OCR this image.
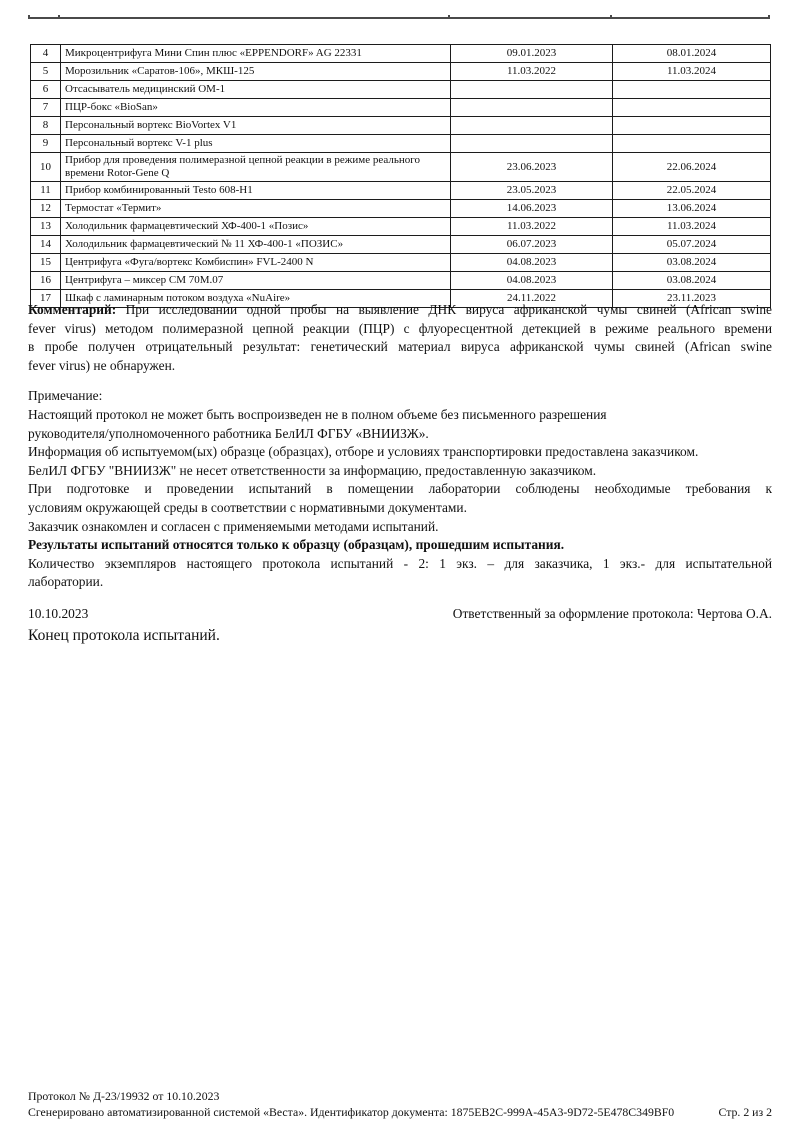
4	Микроцентрифуга Мини Спин плюс «EPPENDORF» AG 22331	09.01.2023	08.01.2024
5	Морозильник «Саратов-106», МКШ-125	11.03.2022	11.03.2024
6	Отсасыватель медицинский ОМ-1		
7	ПЦР-бокс «BioSan»		
8	Персональный вортекс BioVortex V1		
9	Персональный вортекс V-1 plus		
10	Прибор для проведения полимеразной цепной реакции в режиме реального времени Rotor-Gene Q	23.06.2023	22.06.2024
11	Прибор комбинированный Testo 608-H1	23.05.2023	22.05.2024
12	Термостат «Термит»	14.06.2023	13.06.2024
13	Холодильник фармацевтический ХФ-400-1 «Позис»	11.03.2022	11.03.2024
14	Холодильник фармацевтический № 11 ХФ-400-1 «ПОЗИС»	06.07.2023	05.07.2024
15	Центрифуга «Фуга/вортекс Комбиспин» FVL-2400 N	04.08.2023	03.08.2024
16	Центрифуга – миксер СМ 70М.07	04.08.2023	03.08.2024
17	Шкаф с ламинарным потоком воздуха «NuAire»	24.11.2022	23.11.2023
Комментарий: При исследовании одной пробы на выявление ДНК вируса африканской чумы свиней (African swine
fever virus) методом полимеразной цепной реакции (ПЦР) с флуоресцентной детекцией в режиме реального времени
в пробе получен отрицательный результат: генетический материал вируса африканской чумы свиней (African swine
fever virus) не обнаружен.
Примечание:
Настоящий протокол не может быть воспроизведен не в полном объеме без письменного разрешения
руководителя/уполномоченного работника БелИЛ ФГБУ «ВНИИЗЖ».
Информация об испытуемом(ых) образце (образцах), отборе и условиях транспортировки предоставлена заказчиком.
БелИЛ ФГБУ "ВНИИЗЖ" не несет ответственности за информацию, предоставленную заказчиком.
При подготовке и проведении испытаний в помещении лаборатории соблюдены необходимые требования к
условиям окружающей среды в соответствии с нормативными документами.
Заказчик ознакомлен и согласен с применяемыми методами испытаний.
Результаты испытаний относятся только к образцу (образцам), прошедшим испытания.
Количество экземпляров настоящего протокола испытаний - 2: 1 экз. – для заказчика, 1 экз.- для испытательной
лаборатории.
10.10.2023	Ответственный за оформление протокола: Чертова О.А.
Конец протокола испытаний.
Протокол № Д-23/19932 от 10.10.2023
Сгенерировано автоматизированной системой «Веста». Идентификатор документа: 1875EB2C-999A-45A3-9D72-5E478C349BF0	Стр. 2 из 2
